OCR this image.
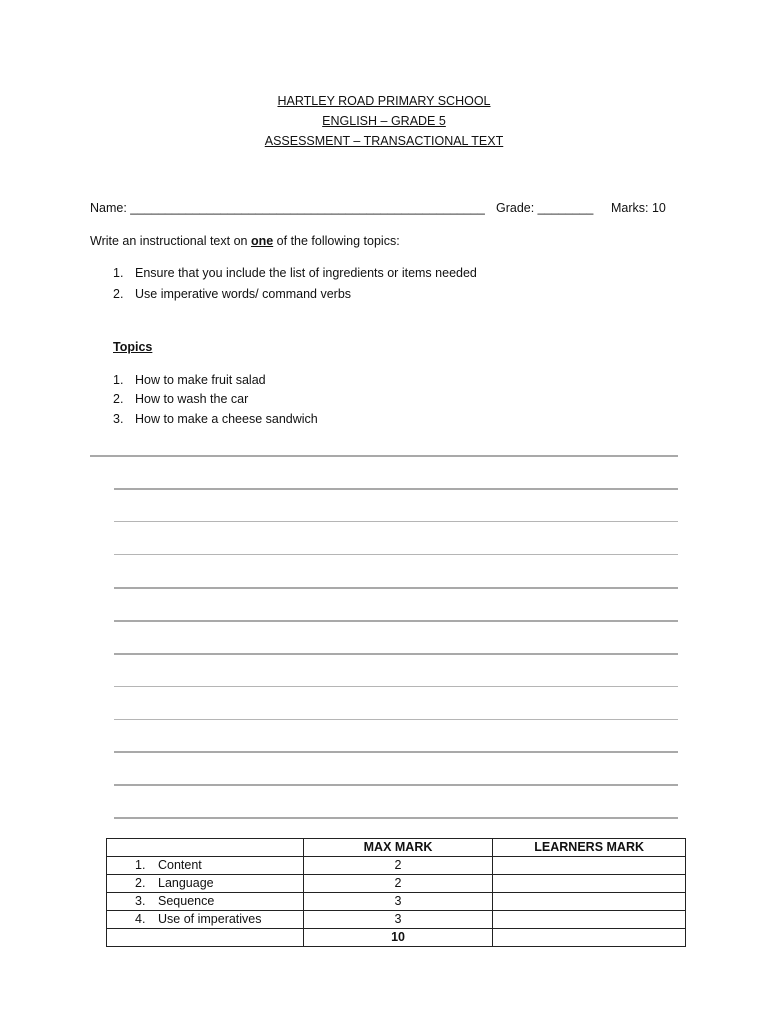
HARTLEY ROAD PRIMARY SCHOOL
ENGLISH – GRADE 5
ASSESSMENT – TRANSACTIONAL TEXT
Name: ___________________________________________________ Grade: ________ Marks: 10
Write an instructional text on one of the following topics:
1. Ensure that you include the list of ingredients or items needed
2. Use imperative words/ command verbs
Topics
1. How to make fruit salad
2. How to wash the car
3. How to make a cheese sandwich
	MAX MARK	LEARNERS MARK
1. Content	2	
2. Language	2	
3. Sequence	3	
4. Use of imperatives	3	
	10	
